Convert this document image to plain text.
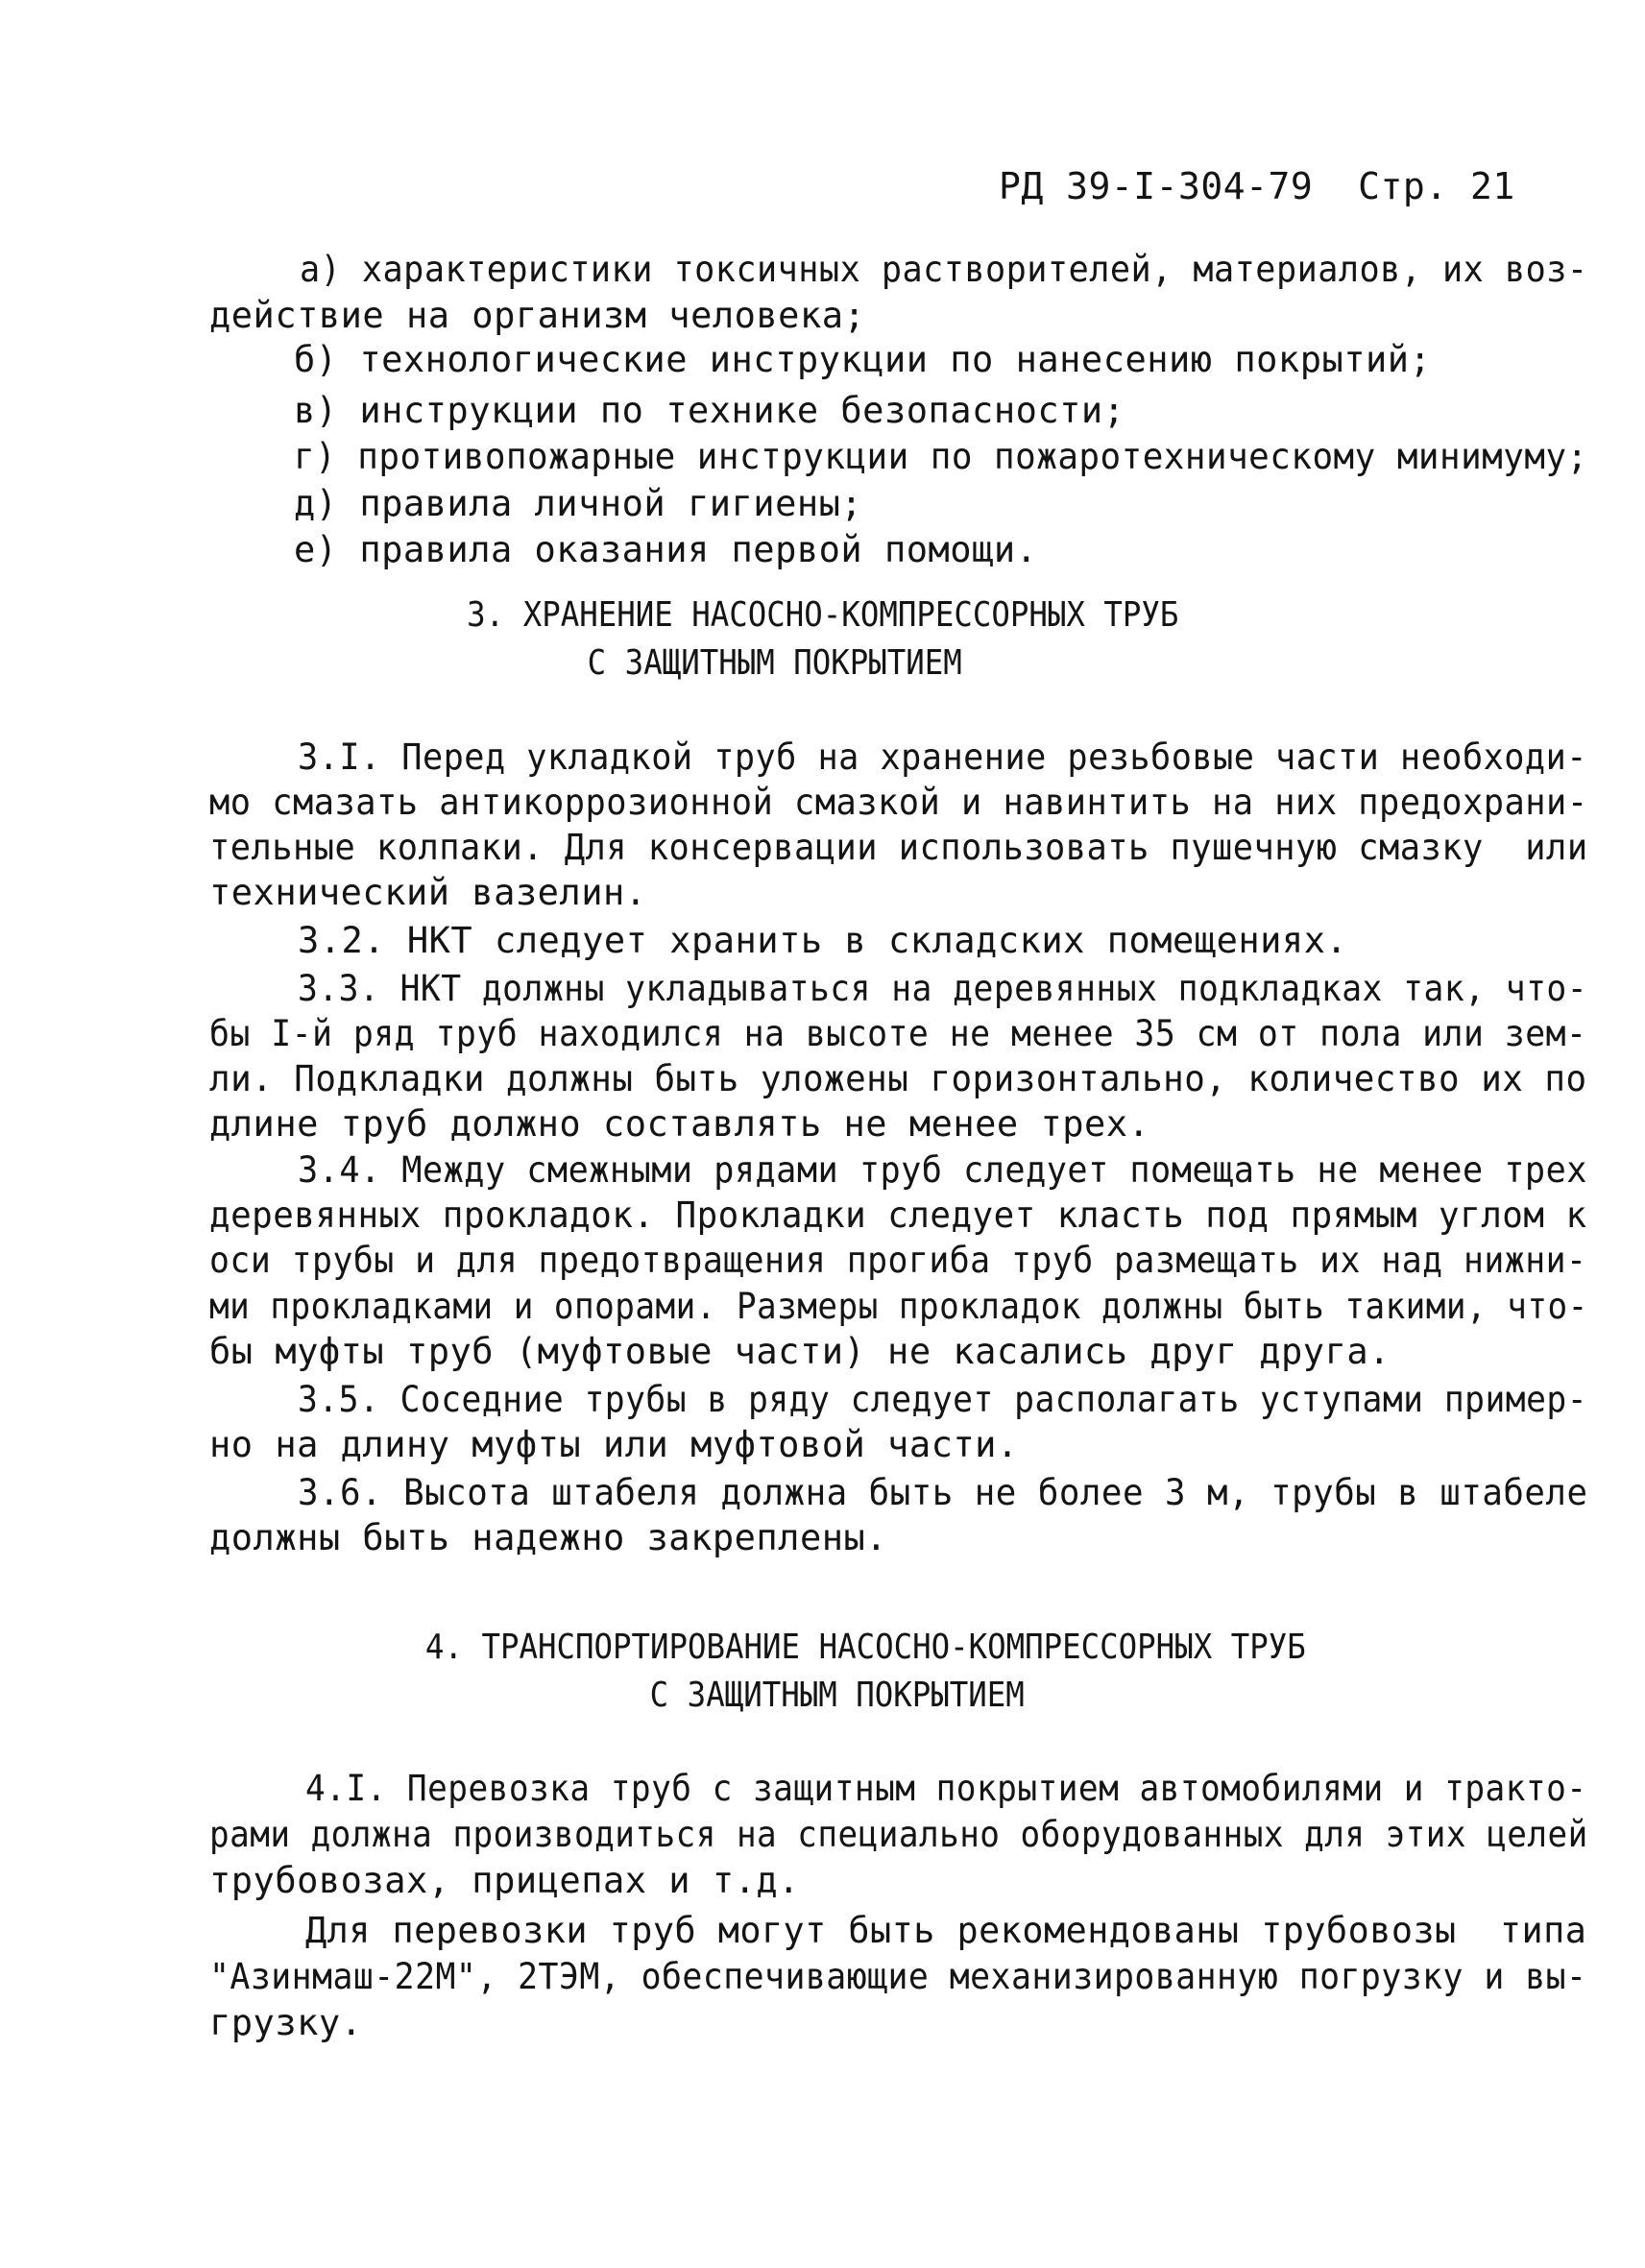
РД 39-I-304-79 Стр. 21
а) характеристики токсичных растворителей, материалов, их воз-
действие на организм человека;
б) технологические инструкции по нанесению покрытий;
в) инструкции по технике безопасности;
г) противопожарные инструкции по пожаротехническому минимуму;
д) правила личной гигиены;
е) правила оказания первой помощи.
3. ХРАНЕНИЕ НАСОСНО-КОМПРЕССОРНЫХ ТРУБ
С ЗАЩИТНЫМ ПОКРЫТИЕМ
3.I. Перед укладкой труб на хранение резьбовые части необходи-
мо смазать антикоррозионной смазкой и навинтить на них предохрани-
тельные колпаки. Для консервации использовать пушечную смазку  или
технический вазелин.
3.2. НКТ следует хранить в складских помещениях.
3.3. НКТ должны укладываться на деревянных подкладках так, что-
бы I-й ряд труб находился на высоте не менее 35 см от пола или зем-
ли. Подкладки должны быть уложены горизонтально, количество их по
длине труб должно составлять не менее трех.
3.4. Между смежными рядами труб следует помещать не менее трех
деревянных прокладок. Прокладки следует класть под прямым углом к
оси трубы и для предотвращения прогиба труб размещать их над нижни-
ми прокладками и опорами. Размеры прокладок должны быть такими, что-
бы муфты труб (муфтовые части) не касались друг друга.
3.5. Соседние трубы в ряду следует располагать уступами пример-
но на длину муфты или муфтовой части.
3.6. Высота штабеля должна быть не более 3 м, трубы в штабеле
должны быть надежно закреплены.
4. ТРАНСПОРТИРОВАНИЕ НАСОСНО-КОМПРЕССОРНЫХ ТРУБ
С ЗАЩИТНЫМ ПОКРЫТИЕМ
4.I. Перевозка труб с защитным покрытием автомобилями и тракто-
рами должна производиться на специально оборудованных для этих целей
трубовозах, прицепах и т.д.
Для перевозки труб могут быть рекомендованы трубовозы  типа
"Азинмаш-22М", 2ТЭМ, обеспечивающие механизированную погрузку и вы-
грузку.
